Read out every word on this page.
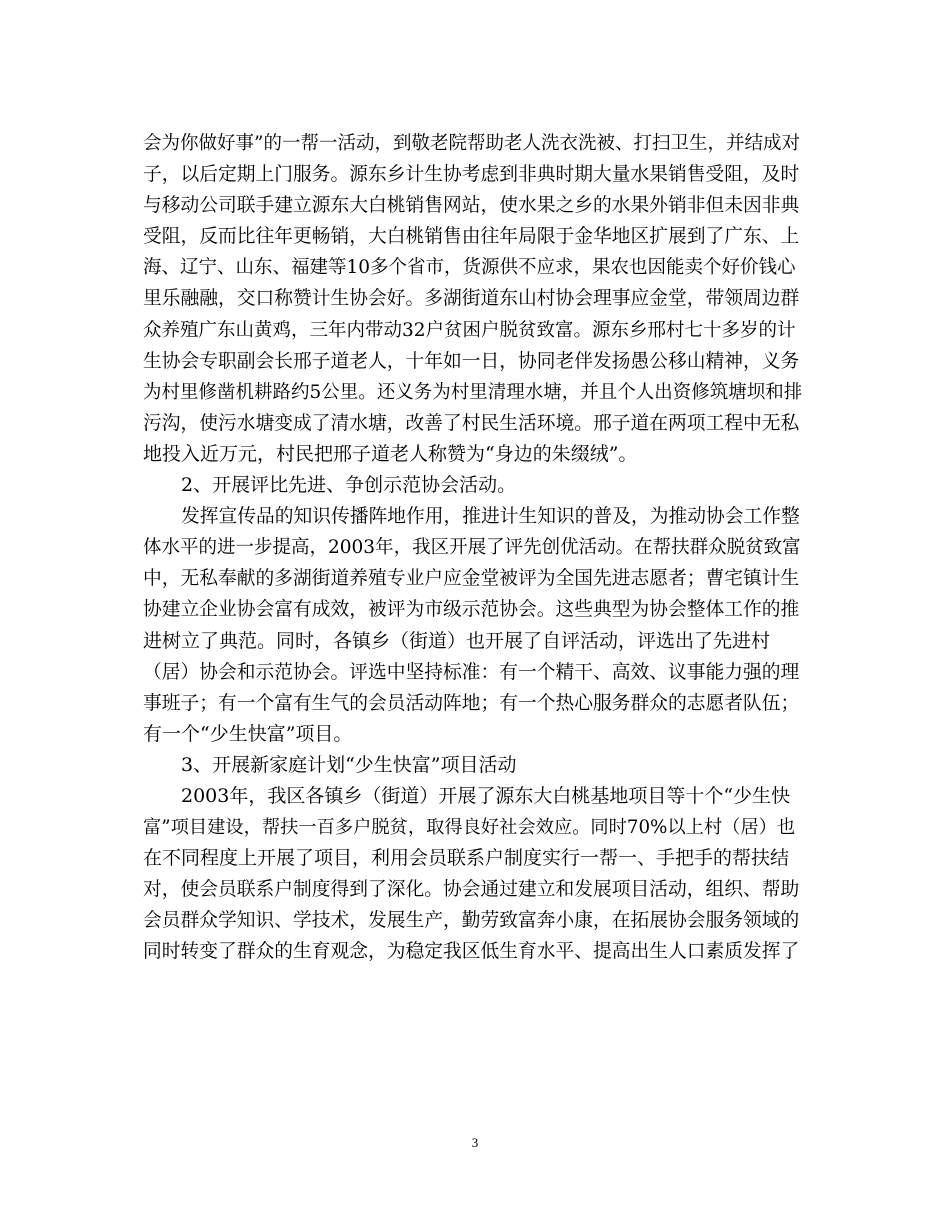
会为你做好事”的一帮一活动，到敬老院帮助老人洗衣洗被、打扫卫生，并结成对
子，以后定期上门服务。源东乡计生协考虑到非典时期大量水果销售受阻，及时
与移动公司联手建立源东大白桃销售网站，使水果之乡的水果外销非但未因非典
受阻，反而比往年更畅销，大白桃销售由往年局限于金华地区扩展到了广东、上
海、辽宁、山东、福建等10多个省市，货源供不应求，果农也因能卖个好价钱心
里乐融融，交口称赞计生协会好。多湖街道东山村协会理事应金堂，带领周边群
众养殖广东山黄鸡，三年内带动32户贫困户脱贫致富。源东乡邢村七十多岁的计
生协会专职副会长邢子道老人，十年如一日，协同老伴发扬愚公移山精神，义务
为村里修凿机耕路约5公里。还义务为村里清理水塘，并且个人出资修筑塘坝和排
污沟，使污水塘变成了清水塘，改善了村民生活环境。邢子道在两项工程中无私
地投入近万元，村民把邢子道老人称赞为“身边的朱缀绒”。
2、开展评比先进、争创示范协会活动。
发挥宣传品的知识传播阵地作用，推进计生知识的普及，为推动协会工作整
体水平的进一步提高，2003年，我区开展了评先创优活动。在帮扶群众脱贫致富
中，无私奉献的多湖街道养殖专业户应金堂被评为全国先进志愿者；曹宅镇计生
协建立企业协会富有成效，被评为市级示范协会。这些典型为协会整体工作的推
进树立了典范。同时，各镇乡（街道）也开展了自评活动，评选出了先进村
（居）协会和示范协会。评选中坚持标准：有一个精干、高效、议事能力强的理
事班子；有一个富有生气的会员活动阵地；有一个热心服务群众的志愿者队伍；
有一个“少生快富”项目。
3、开展新家庭计划“少生快富”项目活动
2003年，我区各镇乡（街道）开展了源东大白桃基地项目等十个“少生快
富”项目建设，帮扶一百多户脱贫，取得良好社会效应。同时70%以上村（居）也
在不同程度上开展了项目，利用会员联系户制度实行一帮一、手把手的帮扶结
对，使会员联系户制度得到了深化。协会通过建立和发展项目活动，组织、帮助
会员群众学知识、学技术，发展生产，勤劳致富奔小康，在拓展协会服务领域的
同时转变了群众的生育观念，为稳定我区低生育水平、提高出生人口素质发挥了
3
